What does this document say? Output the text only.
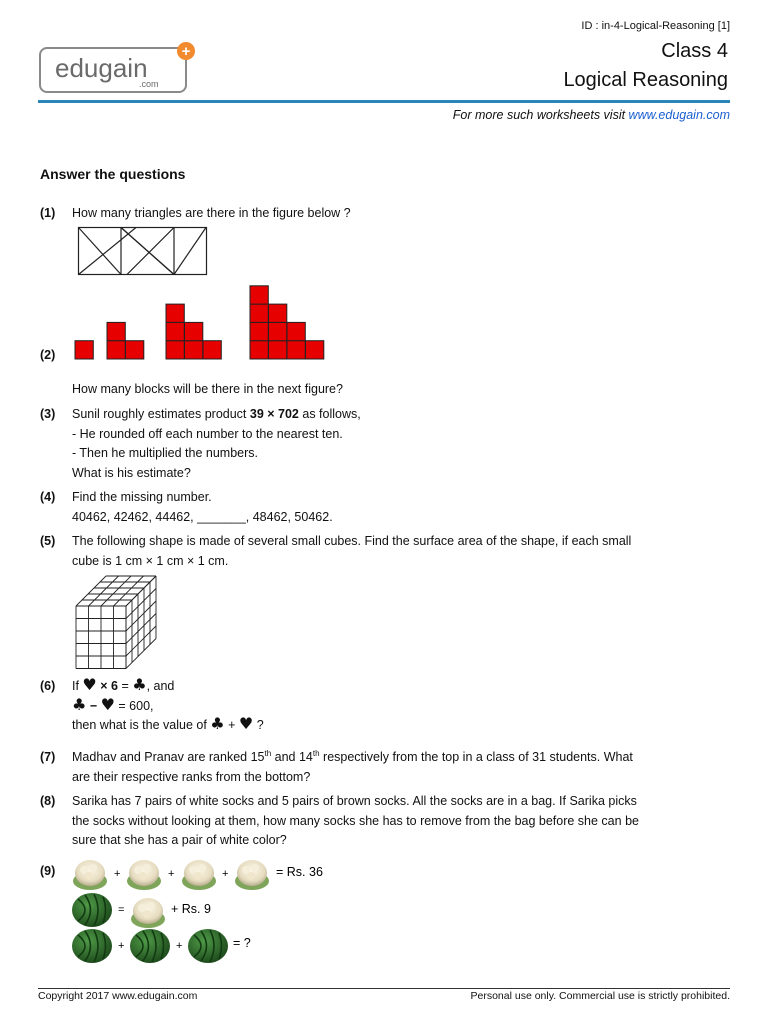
ID : in-4-Logical-Reasoning [1]
Class 4
Logical Reasoning
edugain
.com
+
For more such worksheets visit www.edugain.com
Answer the questions
(1) How many triangles are there in the figure below ?
(2)
How many blocks will be there in the next figure?
(3) Sunil roughly estimates product 39 × 702 as follows,
- He rounded off each number to the nearest ten.
- Then he multiplied the numbers.
What is his estimate?
(4) Find the missing number.
40462, 42462, 44462, _______, 48462, 50462.
(5) The following shape is made of several small cubes. Find the surface area of the shape, if each small
cube is 1 cm × 1 cm × 1 cm.
(6) If ♥ × 6 = ♣, and
♣ − ♥ = 600,
then what is the value of ♣ + ♥ ?
(7) Madhav and Pranav are ranked 15th and 14th respectively from the top in a class of 31 students. What
are their respective ranks from the bottom?
(8) Sarika has 7 pairs of white socks and 5 pairs of brown socks. All the socks are in a bag. If Sarika picks
the socks without looking at them, how many socks she has to remove from the bag before she can be
sure that she has a pair of white color?
(9)	+	+	+	= Rs. 36
=	+ Rs. 9
+	+	= ?
Copyright 2017 www.edugain.com	Personal use only. Commercial use is strictly prohibited.
